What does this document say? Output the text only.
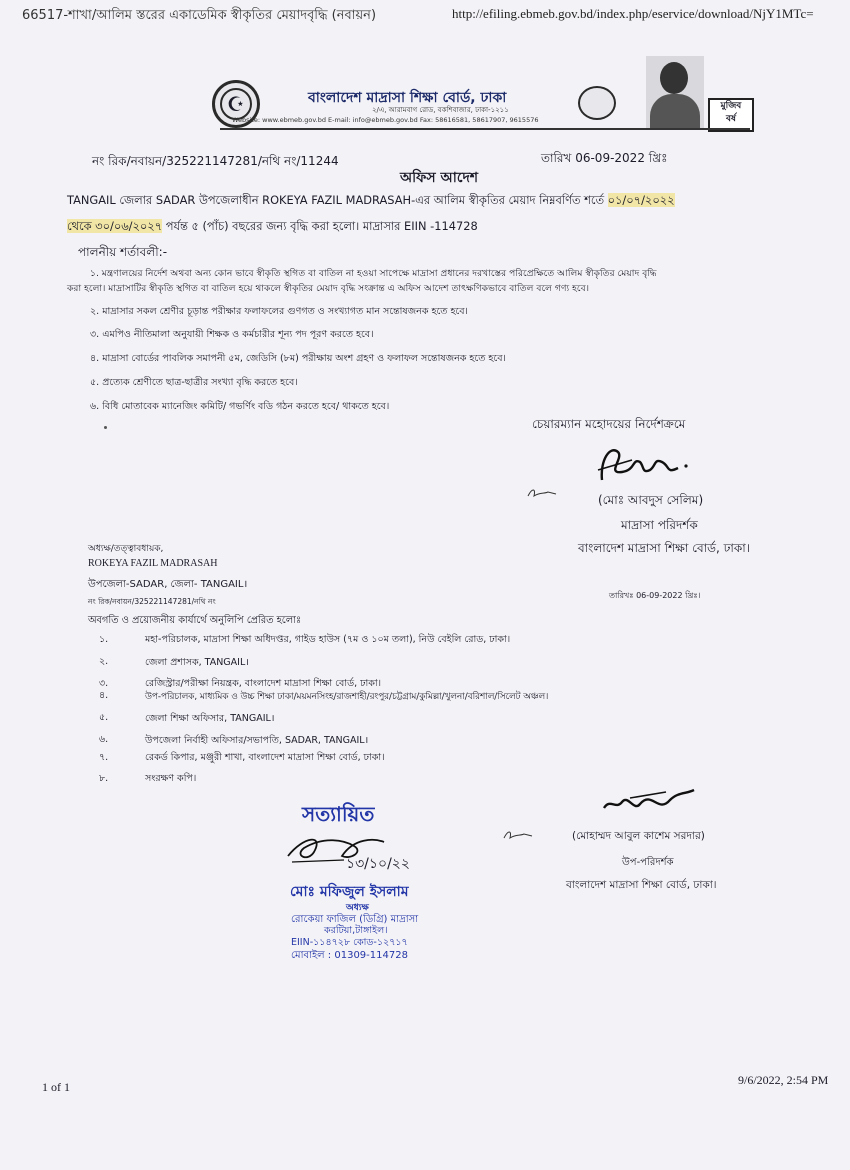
66517-শাখা/আলিম স্তরের একাডেমিক স্বীকৃতির মেয়াদবৃদ্ধি (নবায়ন)	http://efiling.ebmeb.gov.bd/index.php/eservice/download/NjY1MTc=
☪	বাংলাদেশ মাদ্রাসা শিক্ষা বোর্ড, ঢাকা
২/এ, আরামবাগ রোড, বকশিবাজার, ঢাকা-১২১১
Website: www.ebmeb.gov.bd E-mail: info@ebmeb.gov.bd Fax: 58616581, 58617907, 9615576
মুজিব
বর্ষ
নং রিক/নবায়ন/325221147281/নথি নং/11244	তারিখ 06-09-2022 খ্রিঃ
অফিস আদেশ
TANGAIL জেলার SADAR উপজেলাধীন ROKEYA FAZIL MADRASAH-এর আলিম স্বীকৃতির মেয়াদ নিম্নবর্ণিত শর্তে ০১/০৭/২০২২
থেকে ৩০/০৬/২০২৭ পর্যন্ত ৫ (পাঁচ) বছরের জন্য বৃদ্ধি করা হলো। মাদ্রাসার EIIN -114728
পালনীয় শর্তাবলী:-
১. মন্ত্রণালয়ের নির্দেশ অথবা অন্য কোন ভাবে স্বীকৃতি স্থগিত বা বাতিল না হওয়া সাপেক্ষে মাদ্রাসা প্রধানের দরখাস্তের পরিপ্রেক্ষিতে আলিম স্বীকৃতির মেয়াদ বৃদ্ধি
করা হলো। মাদ্রাসাটির স্বীকৃতি স্থগিত বা বাতিল হয়ে থাকলে স্বীকৃতির মেয়াদ বৃদ্ধি সংক্রান্ত এ অফিস আদেশ তাৎক্ষণিকভাবে বাতিল বলে গণ্য হবে।
২. মাদ্রাসার সকল শ্রেণীর চূড়ান্ত পরীক্ষার ফলাফলের গুণগত ও সংখ্যাগত মান সন্তোষজনক হতে হবে।
৩. এমপিও নীতিমালা অনুযায়ী শিক্ষক ও কর্মচারীর শূন্য পদ পূরণ করতে হবে।
৪. মাদ্রাসা বোর্ডের পাবলিক সমাপনী ৫ম, জেডিসি (৮ম) পরীক্ষায় অংশ গ্রহণ ও ফলাফল সন্তোষজনক হতে হবে।
৫. প্রত্যেক শ্রেণীতে ছাত্র-ছাত্রীর সংখ্যা বৃদ্ধি করতে হবে।
৬. বিধি মোতাবেক ম্যানেজিং কমিটি/ গভর্ণিং বডি গঠন করতে হবে/ থাকতে হবে।
চেয়ারম্যান মহোদয়ের নির্দেশক্রমে
(মোঃ আবদুস সেলিম)
মাদ্রাসা পরিদর্শক
বাংলাদেশ মাদ্রাসা শিক্ষা বোর্ড, ঢাকা।
অধ্যক্ষ/তত্ত্বাবধায়ক,
ROKEYA FAZIL MADRASAH
উপজেলা-SADAR, জেলা- TANGAIL।
নং রিক/নবায়ন/325221147281/নথি নং
তারিখঃ 06-09-2022 খ্রিঃ।
অবগতি ও প্রয়োজনীয় কার্যার্থে অনুলিপি প্রেরিত হলোঃ
১.	মহা-পরিচালক, মাদ্রাসা শিক্ষা অধিদপ্তর, গাইড হাউস (৭ম ও ১০ম তলা), নিউ বেইলি রোড, ঢাকা।
২.	জেলা প্রশাসক, TANGAIL।
৩.	রেজিস্ট্রার/পরীক্ষা নিয়ন্ত্রক, বাংলাদেশ মাদ্রাসা শিক্ষা বোর্ড, ঢাকা।
৪.	উপ-পরিচালক, মাধ্যমিক ও উচ্চ শিক্ষা ঢাকা/ময়মনসিংহ/রাজশাহী/রংপুর/চট্টগ্রাম/কুমিল্লা/খুলনা/বরিশাল/সিলেট অঞ্চল।
৫.	জেলা শিক্ষা অফিসার, TANGAIL।
৬.	উপজেলা নির্বাহী অফিসার/সভাপতি, SADAR, TANGAIL।
৭.	রেকর্ড কিপার, মঞ্জুরী শাখা, বাংলাদেশ মাদ্রাসা শিক্ষা বোর্ড, ঢাকা।
৮.	সংরক্ষণ কপি।
সত্যায়িত
১৩/১০/২২
মোঃ মফিজুল ইসলাম
অধ্যক্ষ
রোকেয়া ফাজিল (ডিগ্রি) মাদ্রাসা
করটিয়া,টাঙ্গাইল।
EIIN-১১৪৭২৮ কোড-১২৭১৭
মোবাইল : 01309-114728
(মোহাম্মদ আবুল কাশেম সরদার)
উপ-পরিদর্শক
বাংলাদেশ মাদ্রাসা শিক্ষা বোর্ড, ঢাকা।
1 of 1	9/6/2022, 2:54 PM
